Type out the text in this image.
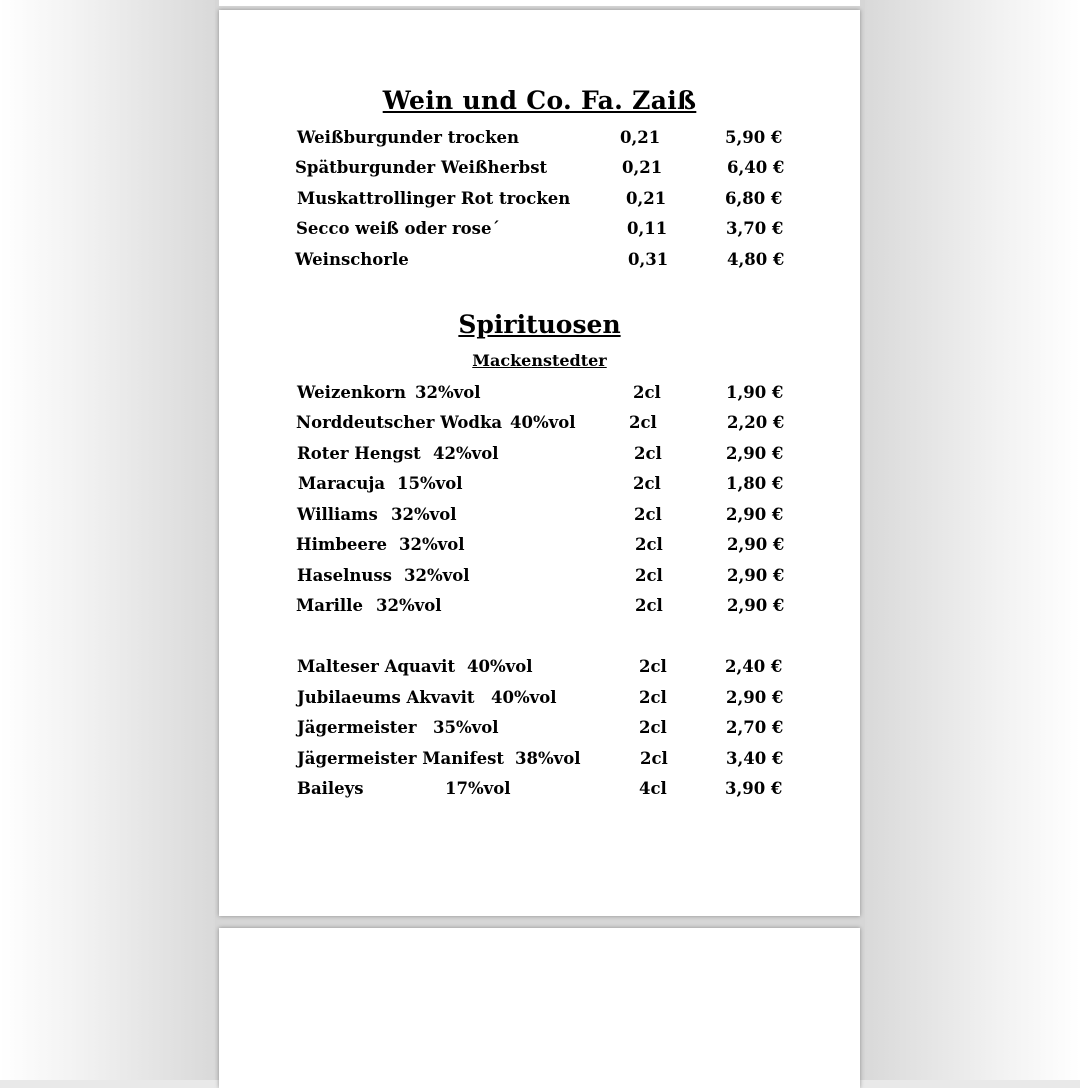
Wein und Co. Fa. Zaiß
Weißburgunder trocken	0,21	5,90 €
Spätburgunder Weißherbst	0,21	6,40 €
Muskattrollinger Rot trocken	0,21	6,80 €
Secco weiß oder rose´	0,11	3,70 €
Weinschorle	0,31	4,80 €
Spirituosen
Mackenstedter
Weizenkorn 32%vol	2cl	1,90 €
Norddeutscher Wodka 40%vol	2cl	2,20 €
Roter Hengst 42%vol	2cl	2,90 €
Maracuja 15%vol	2cl	1,80 €
Williams 32%vol	2cl	2,90 €
Himbeere 32%vol	2cl	2,90 €
Haselnuss 32%vol	2cl	2,90 €
Marille 32%vol	2cl	2,90 €
Malteser Aquavit 40%vol	2cl	2,40 €
Jubilaeums Akvavit 40%vol	2cl	2,90 €
Jägermeister 35%vol	2cl	2,70 €
Jägermeister Manifest 38%vol	2cl	3,40 €
Baileys	17%vol	4cl	3,90 €
